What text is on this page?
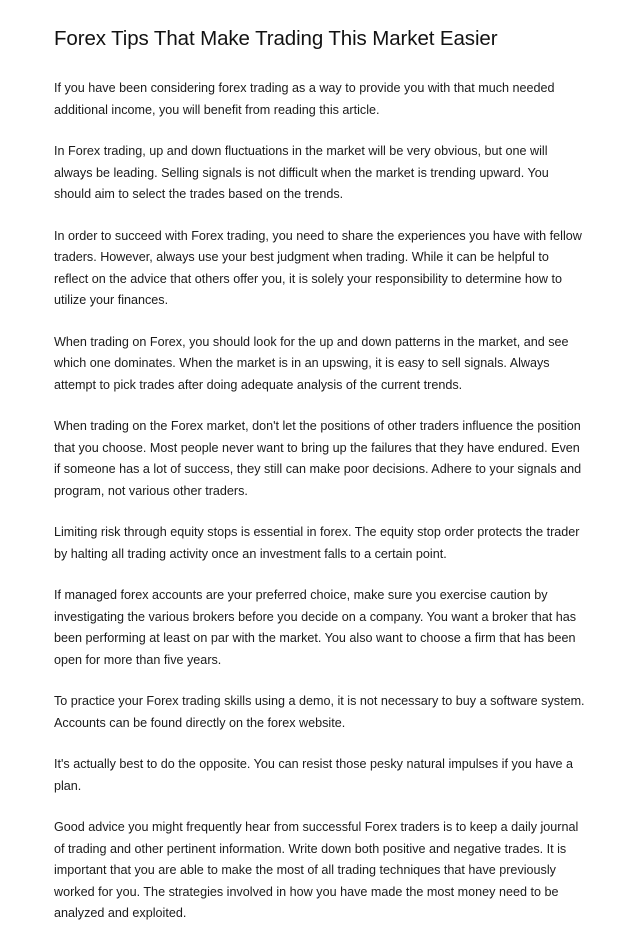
Forex Tips That Make Trading This Market Easier

If you have been considering forex trading as a way to provide you with that much needed additional income, you will benefit from reading this article.

In Forex trading, up and down fluctuations in the market will be very obvious, but one will always be leading. Selling signals is not difficult when the market is trending upward. You should aim to select the trades based on the trends.

In order to succeed with Forex trading, you need to share the experiences you have with fellow traders. However, always use your best judgment when trading. While it can be helpful to reflect on the advice that others offer you, it is solely your responsibility to determine how to utilize your finances.

When trading on Forex, you should look for the up and down patterns in the market, and see which one dominates. When the market is in an upswing, it is easy to sell signals. Always attempt to pick trades after doing adequate analysis of the current trends.

When trading on the Forex market, don't let the positions of other traders influence the position that you choose. Most people never want to bring up the failures that they have endured. Even if someone has a lot of success, they still can make poor decisions. Adhere to your signals and program, not various other traders.

Limiting risk through equity stops is essential in forex. The equity stop order protects the trader by halting all trading activity once an investment falls to a certain point.

If managed forex accounts are your preferred choice, make sure you exercise caution by investigating the various brokers before you decide on a company. You want a broker that has been performing at least on par with the market. You also want to choose a firm that has been open for more than five years.

To practice your Forex trading skills using a demo, it is not necessary to buy a software system. Accounts can be found directly on the forex website.

It's actually best to do the opposite. You can resist those pesky natural impulses if you have a plan.

Good advice you might frequently hear from successful Forex traders is to keep a daily journal of trading and other pertinent information. Write down both positive and negative trades. It is important that you are able to make the most of all trading techniques that have previously worked for you. The strategies involved in how you have made the most money need to be analyzed and exploited.
